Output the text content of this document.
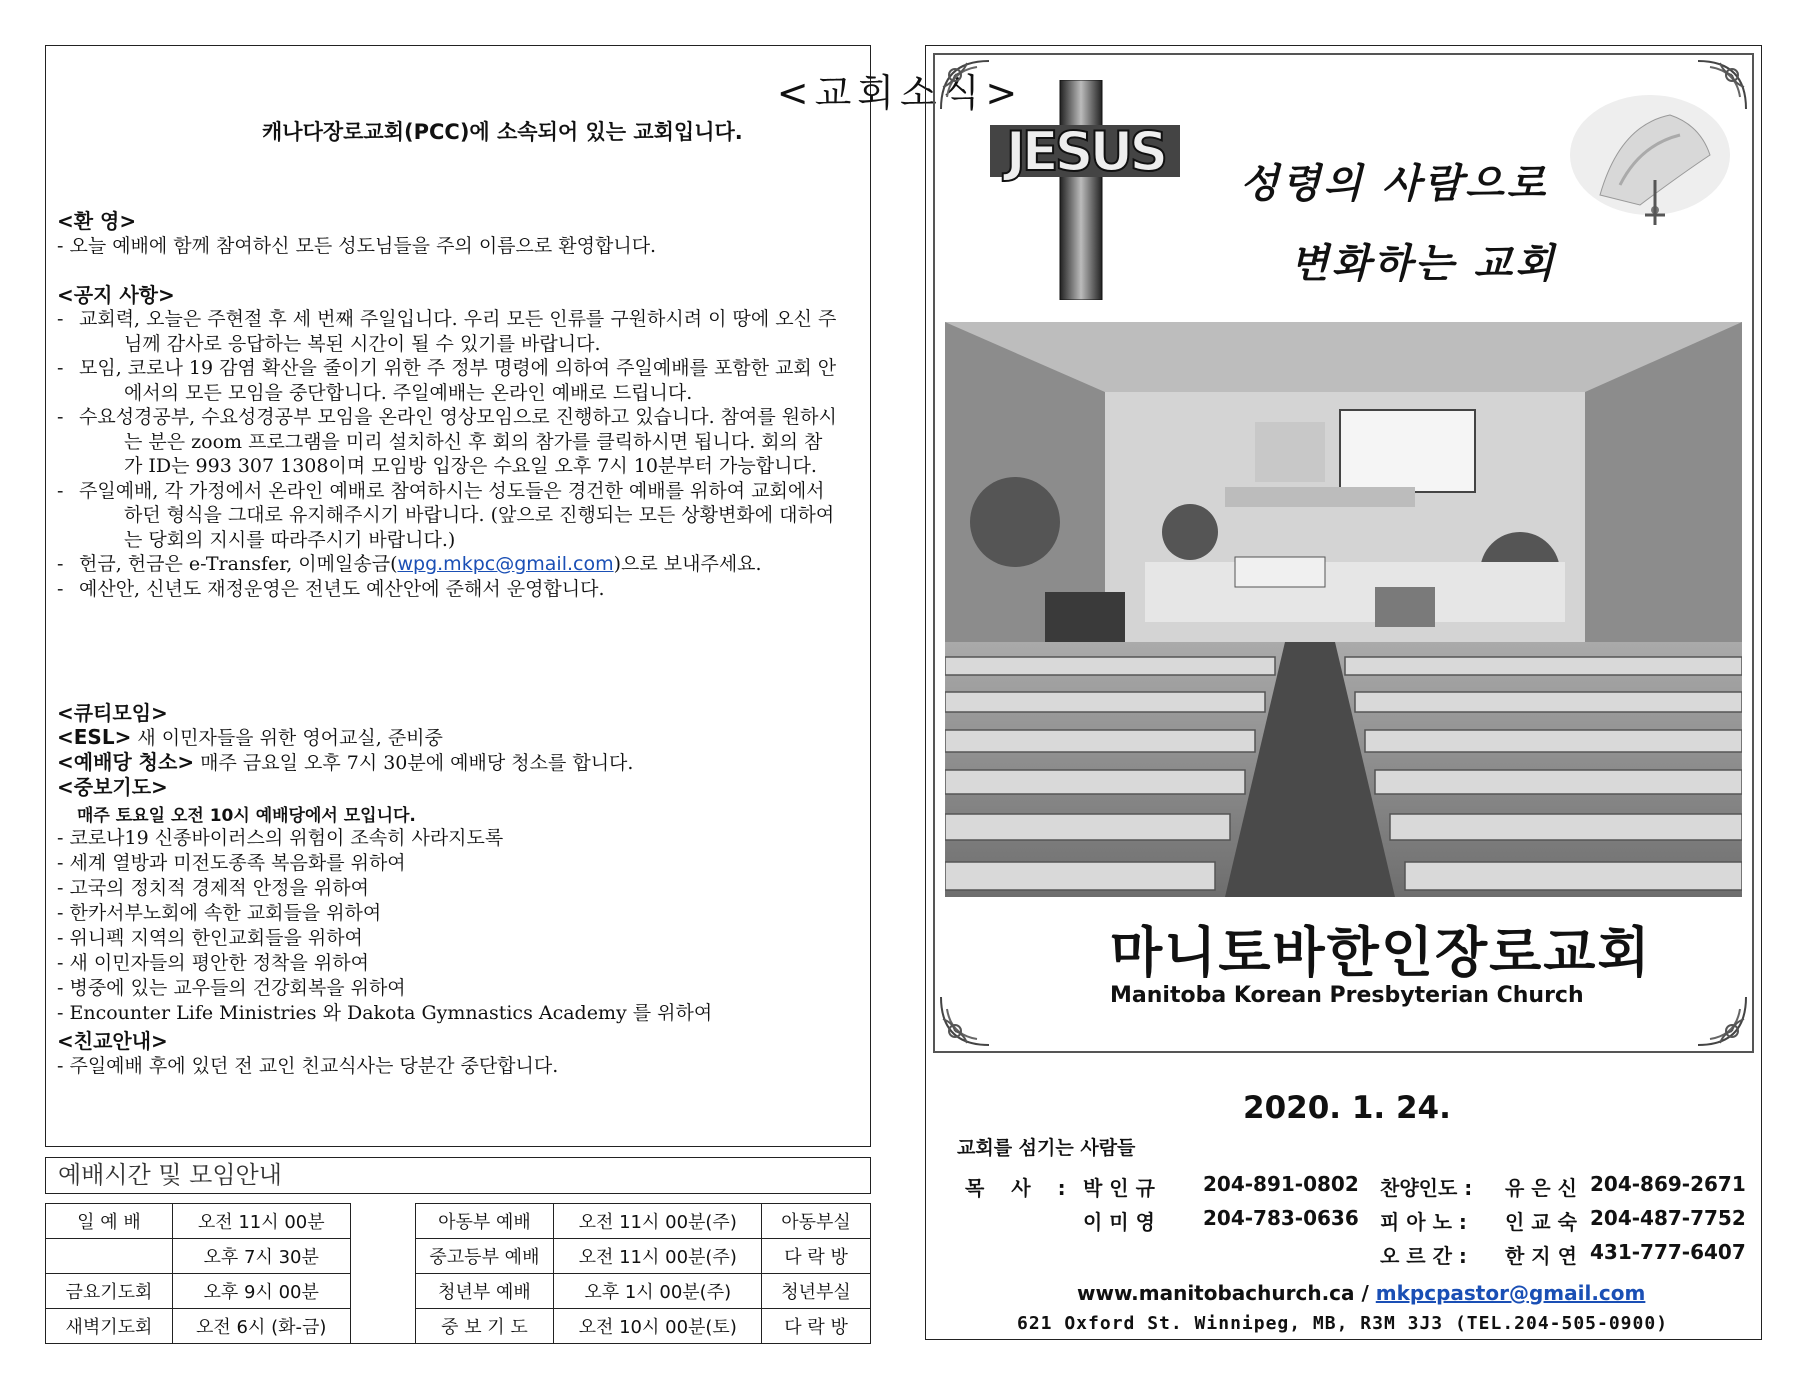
<교회소식>
캐나다장로교회(PCC)에 소속되어 있는 교회입니다.
<환 영>
- 오늘 예배에 함께 참여하신 모든 성도님들을 주의 이름으로 환영합니다.
<공지 사항>
- 교회력, 오늘은 주현절 후 세 번째 주일입니다. 우리 모든 인류를 구원하시려 이 땅에 오신 주님께 감사로 응답하는 복된 시간이 될 수 있기를 바랍니다.
- 모임, 코로나 19 감염 확산을 줄이기 위한 주 정부 명령에 의하여 주일예배를 포함한 교회 안에서의 모든 모임을 중단합니다. 주일예배는 온라인 예배로 드립니다.
- 수요성경공부, 수요성경공부 모임을 온라인 영상모임으로 진행하고 있습니다. 참여를 원하시는 분은 zoom 프로그램을 미리 설치하신 후 회의 참가를 클릭하시면 됩니다. 회의 참가 ID는 993 307 1308이며 모임방 입장은 수요일 오후 7시 10분부터 가능합니다.
- 주일예배, 각 가정에서 온라인 예배로 참여하시는 성도들은 경건한 예배를 위하여 교회에서 하던 형식을 그대로 유지해주시기 바랍니다. (앞으로 진행되는 모든 상황변화에 대하여는 당회의 지시를 따라주시기 바랍니다.)
- 헌금, 헌금은 e-Transfer, 이메일송금(wpg.mkpc@gmail.com)으로 보내주세요.
- 예산안, 신년도 재정운영은 전년도 예산안에 준해서 운영합니다.
<큐티모임>
<ESL> 새 이민자들을 위한 영어교실, 준비중
<예배당 청소> 매주 금요일 오후 7시 30분에 예배당 청소를 합니다.
<중보기도>
매주 토요일 오전 10시 예배당에서 모입니다.
- 코로나19 신종바이러스의 위험이 조속히 사라지도록
- 세계 열방과 미전도종족 복음화를 위하여
- 고국의 정치적 경제적 안정을 위하여
- 한카서부노회에 속한 교회들을 위하여
- 위니펙 지역의 한인교회들을 위하여
- 새 이민자들의 평안한 정착을 위하여
- 병중에 있는 교우들의 건강회복을 위하여
- Encounter Life Ministries 와 Dakota Gymnastics Academy 를 위하여
<친교안내>
- 주일예배 후에 있던 전 교인 친교식사는 당분간 중단합니다.
예배시간 및 모임안내
일 예 배	오전 11시 00분		아동부 예배	오전 11시 00분(주)	아동부실
	오후 7시 30분		중고등부 예배	오전 11시 00분(주)	다 락 방
금요기도회	오후 9시 00분		청년부 예배	오후 1시 00분(주)	청년부실
새벽기도회	오전 6시 (화-금)		중 보 기 도	오전 10시 00분(토)	다 락 방
JESUS
성령의 사람으로
변화하는 교회
마니토바한인장로교회
Manitoba Korean Presbyterian Church
2020. 1. 24.
교회를 섬기는 사람들
목 사 : 박 인 규 204-891-0802
이 미 영 204-783-0636
찬양인도 : 유 은 신 204-869-2671
피 아 노 : 인 교 숙 204-487-7752
오 르 간 : 한 지 연 431-777-6407
www.manitobachurch.ca / mkpcpastor@gmail.com
621 Oxford St. Winnipeg, MB, R3M 3J3 (TEL.204-505-0900)
